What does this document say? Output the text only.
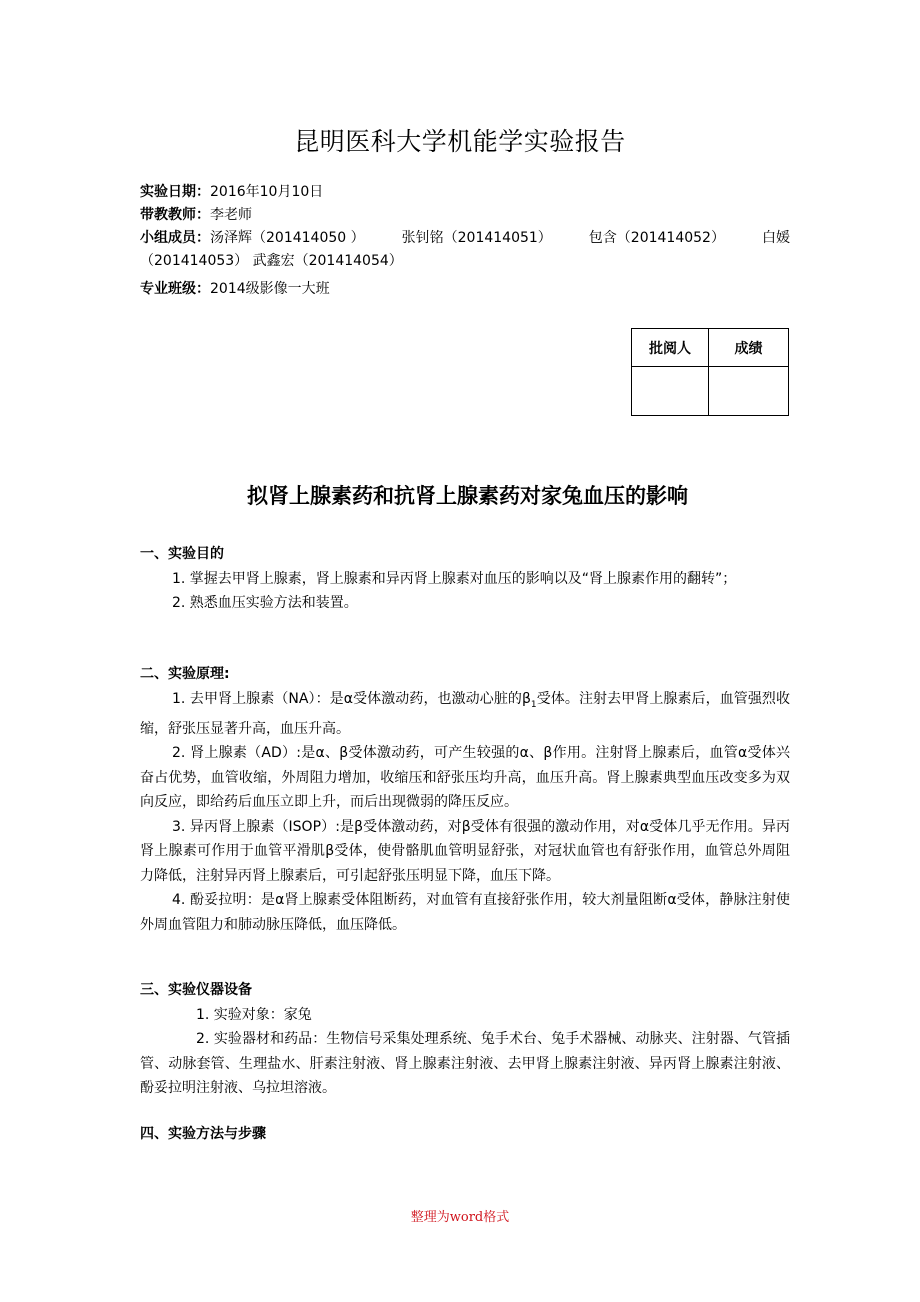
昆明医科大学机能学实验报告
实验日期：2016年10月10日
带教教师：李老师
小组成员：汤泽辉（201414050 ）	张钊铭（201414051）	包含（201414052）	白媛
（201414053） 武鑫宏（201414054）
专业班级：2014级影像一大班
批阅人	成绩

拟肾上腺素药和抗肾上腺素药对家兔血压的影响
一、实验目的
1. 掌握去甲肾上腺素，肾上腺素和异丙肾上腺素对血压的影响以及“肾上腺素作用的翻转”；
2. 熟悉血压实验方法和装置。
二、实验原理:
1. 去甲肾上腺素（NA）：是α受体激动药，也激动心脏的$\beta_1$受体。注射去甲肾上腺素后，血管强烈收缩，舒张压显著升高，血压升高。
2. 肾上腺素（AD）:是α、β受体激动药，可产生较强的α、β作用。注射肾上腺素后，血管α受体兴奋占优势，血管收缩，外周阻力增加，收缩压和舒张压均升高，血压升高。肾上腺素典型血压改变多为双向反应，即给药后血压立即上升，而后出现微弱的降压反应。
3. 异丙肾上腺素（ISOP）:是β受体激动药，对β受体有很强的激动作用，对α受体几乎无作用。异丙肾上腺素可作用于血管平滑肌β受体，使骨骼肌血管明显舒张，对冠状血管也有舒张作用，血管总外周阻力降低，注射异丙肾上腺素后，可引起舒张压明显下降，血压下降。
4. 酚妥拉明：是α肾上腺素受体阻断药，对血管有直接舒张作用，较大剂量阻断α受体，静脉注射使外周血管阻力和肺动脉压降低，血压降低。
三、实验仪器设备
1. 实验对象：家兔
2. 实验器材和药品：生物信号采集处理系统、兔手术台、兔手术器械、动脉夹、注射器、气管插管、动脉套管、生理盐水、肝素注射液、肾上腺素注射液、去甲肾上腺素注射液、异丙肾上腺素注射液、酚妥拉明注射液、乌拉坦溶液。
四、实验方法与步骤
整理为word格式
